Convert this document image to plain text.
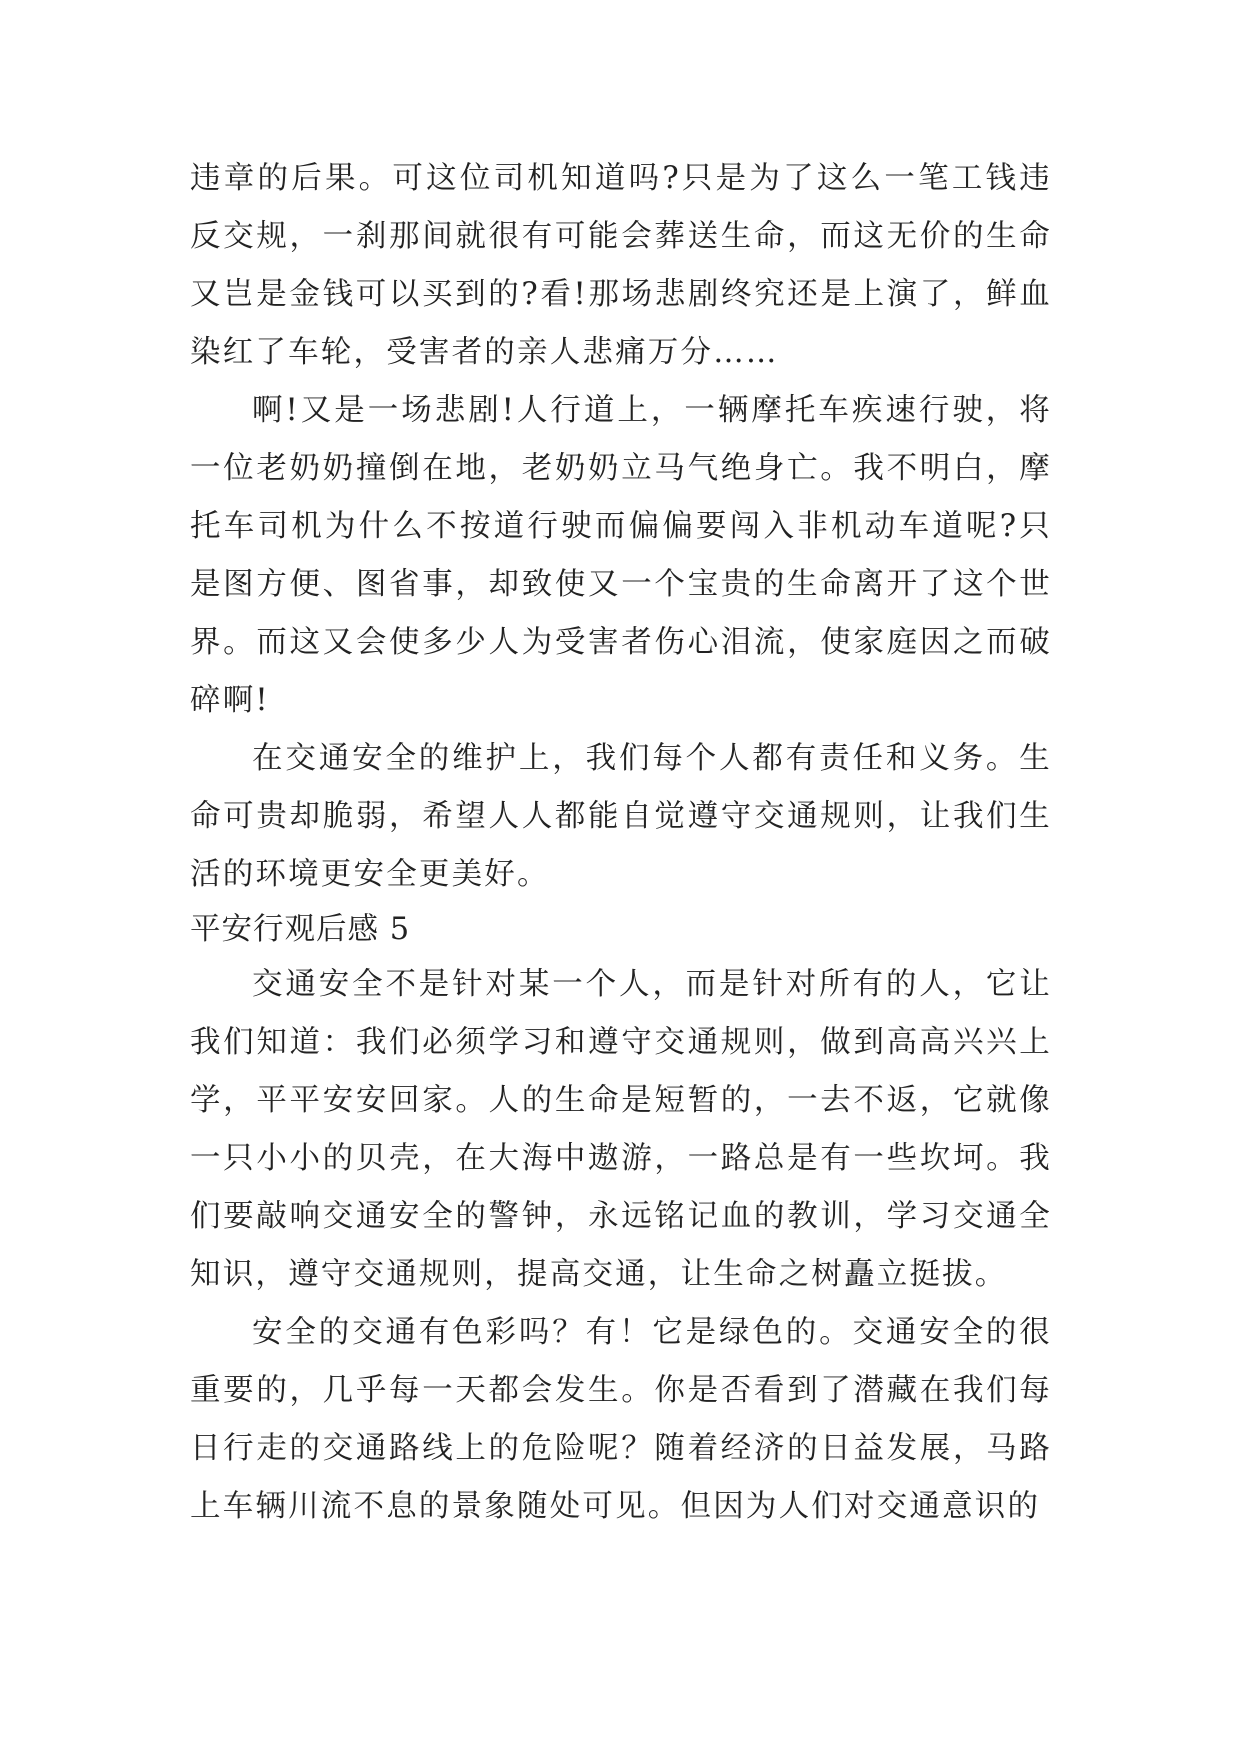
违章的后果。可这位司机知道吗?只是为了这么一笔工钱违反交规，一刹那间就很有可能会葬送生命，而这无价的生命又岂是金钱可以买到的?看!那场悲剧终究还是上演了，鲜血染红了车轮，受害者的亲人悲痛万分……

啊!又是一场悲剧!人行道上，一辆摩托车疾速行驶，将一位老奶奶撞倒在地，老奶奶立马气绝身亡。我不明白，摩托车司机为什么不按道行驶而偏偏要闯入非机动车道呢?只是图方便、图省事，却致使又一个宝贵的生命离开了这个世界。而这又会使多少人为受害者伤心泪流，使家庭因之而破碎啊!

在交通安全的维护上，我们每个人都有责任和义务。生命可贵却脆弱，希望人人都能自觉遵守交通规则，让我们生活的环境更安全更美好。

平安行观后感 5

交通安全不是针对某一个人，而是针对所有的人，它让我们知道：我们必须学习和遵守交通规则，做到高高兴兴上学，平平安安回家。人的生命是短暂的，一去不返，它就像一只小小的贝壳，在大海中遨游，一路总是有一些坎坷。我们要敲响交通安全的警钟，永远铭记血的教训，学习交通全知识，遵守交通规则，提高交通，让生命之树矗立挺拔。

安全的交通有色彩吗？有！它是绿色的。交通安全的很重要的，几乎每一天都会发生。你是否看到了潜藏在我们每日行走的交通路线上的危险呢？随着经济的日益发展，马路上车辆川流不息的景象随处可见。但因为人们对交通意识的
